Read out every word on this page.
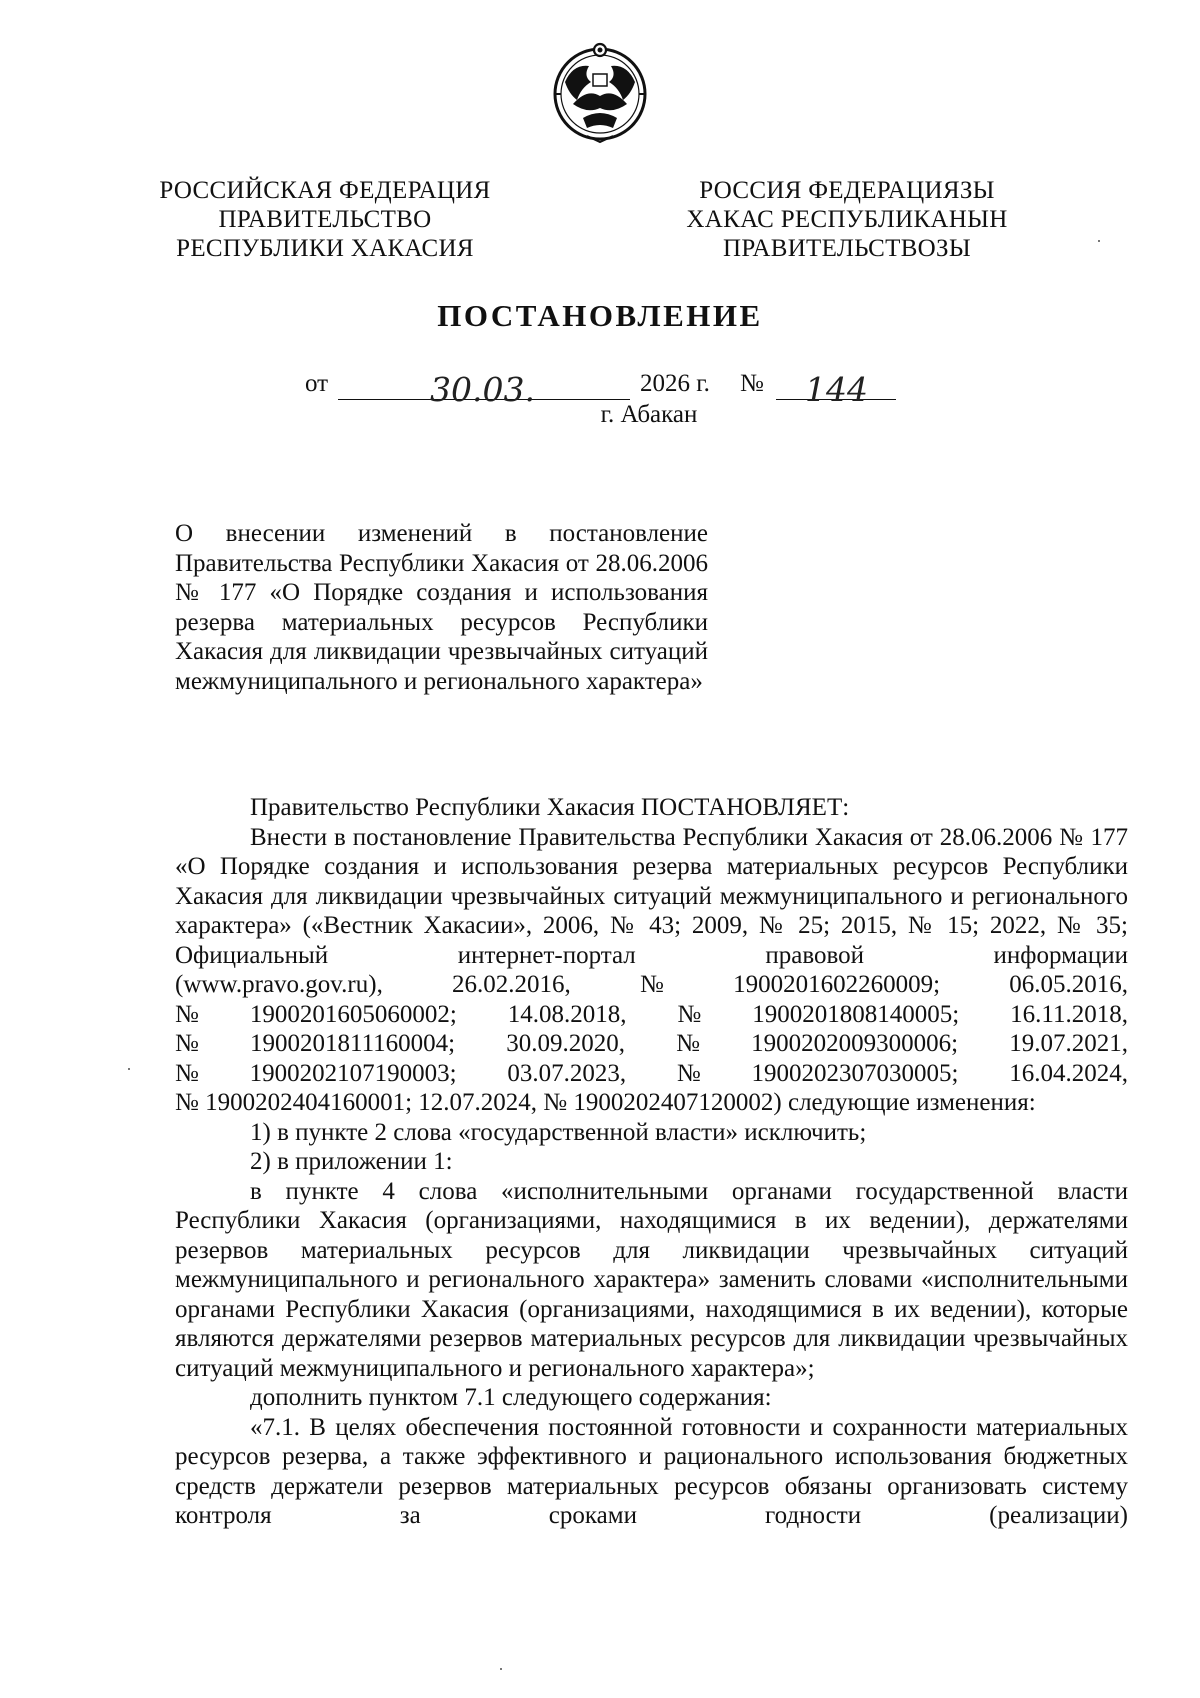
РОССИЙСКАЯ ФЕДЕРАЦИЯ
ПРАВИТЕЛЬСТВО
РЕСПУБЛИКИ ХАКАСИЯ
РОССИЯ ФЕДЕРАЦИЯЗЫ
ХАКАС РЕСПУБЛИКАНЫН
ПРАВИТЕЛЬСТВОЗЫ
ПОСТАНОВЛЕНИЕ
от	30.03.	2026 г. № 144
г. Абакан
О внесении изменений в постановление Правительства Республики Хакасия от 28.06.2006 № 177 «О Порядке создания и использования резерва материальных ресурсов Республики Хакасия для ликвидации чрезвычайных ситуаций межмуниципального и регионального характера»

Правительство Республики Хакасия ПОСТАНОВЛЯЕТ:

Внести в постановление Правительства Республики Хакасия от 28.06.2006 № 177 «О Порядке создания и использования резерва материальных ресурсов Республики Хакасия для ликвидации чрезвычайных ситуаций межмуниципального и регионального характера» («Вестник Хакасии», 2006, № 43; 2009, № 25; 2015, № 15; 2022, № 35; Официальный интернет-портал правовой информации

(www.pravo.gov.ru),	26.02.2016,	№	1900201602260009;	06.05.2016,
№ 1900201605060002; 14.08.2018, № 1900201808140005; 16.11.2018,
№ 1900201811160004; 30.09.2020, № 1900202009300006; 19.07.2021,
№ 1900202107190003; 03.07.2023, № 1900202307030005; 16.04.2024,

№ 1900202404160001; 12.07.2024, № 1900202407120002) следующие изменения:

1) в пункте 2 слова «государственной власти» исключить;

2) в приложении 1:

в пункте 4 слова «исполнительными органами государственной власти Республики Хакасия (организациями, находящимися в их ведении), держателями резервов материальных ресурсов для ликвидации чрезвычайных ситуаций межмуниципального и регионального характера» заменить словами «исполнительными органами Республики Хакасия (организациями, находящимися в их ведении), которые являются держателями резервов материальных ресурсов для ликвидации чрезвычайных ситуаций межмуниципального и регионального характера»;

дополнить пунктом 7.1 следующего содержания:

«7.1. В целях обеспечения постоянной готовности и сохранности материальных ресурсов резерва, а также эффективного и рационального использования бюджетных средств держатели резервов материальных ресурсов обязаны организовать систему контроля за сроками годности (реализации)
